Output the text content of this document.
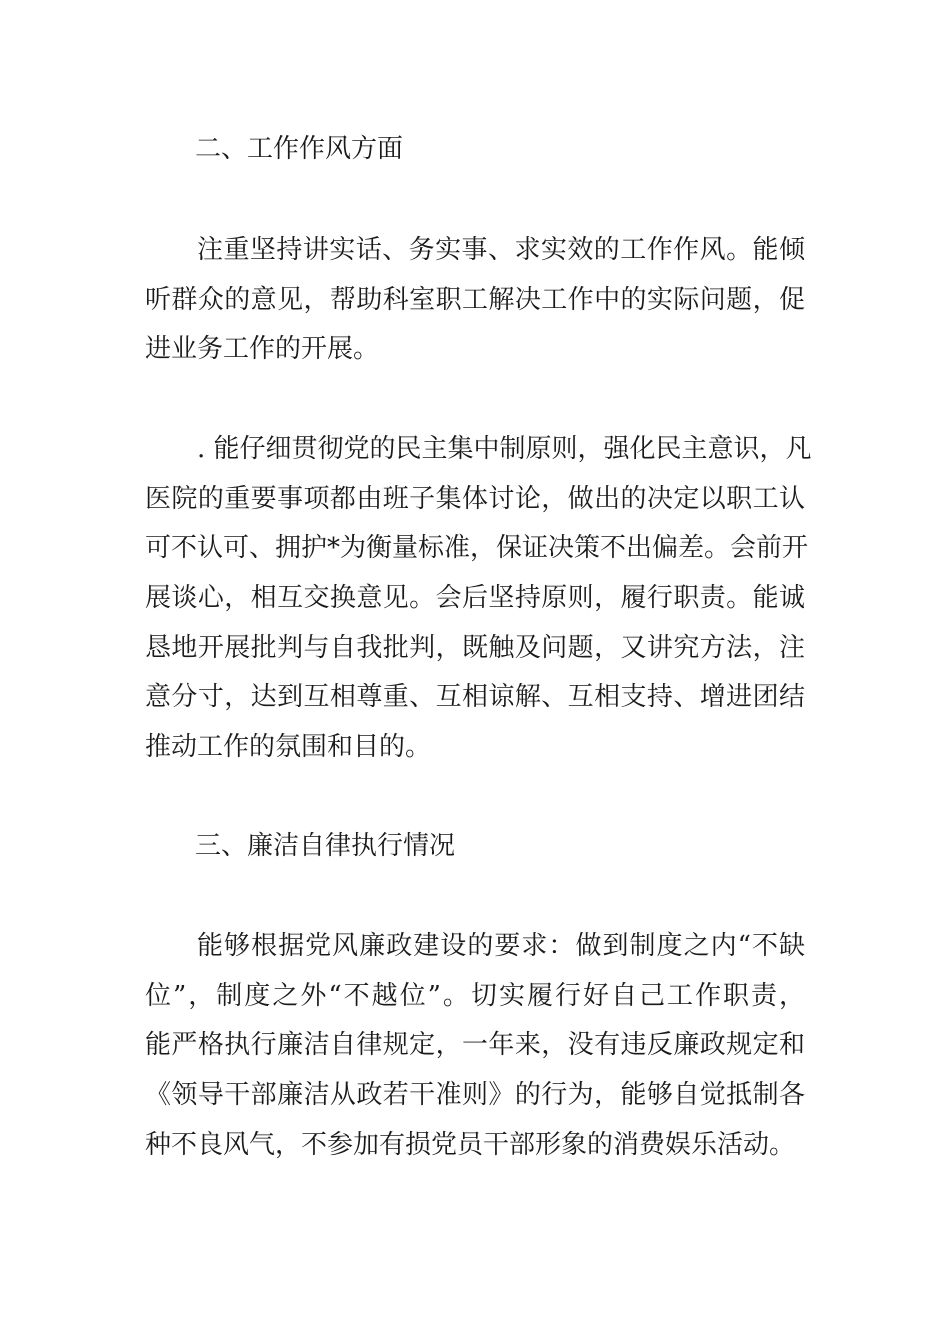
二、工作作风方面
注重坚持讲实话、务实事、求实效的工作作风。能倾
听群众的意见，帮助科室职工解决工作中的实际问题，促
进业务工作的开展。
. 能仔细贯彻党的民主集中制原则，强化民主意识，凡
医院的重要事项都由班子集体讨论，做出的决定以职工认
可不认可、拥护*为衡量标准，保证决策不出偏差。会前开
展谈心，相互交换意见。会后坚持原则，履行职责。能诚
恳地开展批判与自我批判，既触及问题，又讲究方法，注
意分寸，达到互相尊重、互相谅解、互相支持、增进团结
推动工作的氛围和目的。
三、廉洁自律执行情况
能够根据党风廉政建设的要求：做到制度之内“不缺
位”，制度之外“不越位”。切实履行好自己工作职责，
能严格执行廉洁自律规定，一年来，没有违反廉政规定和
《领导干部廉洁从政若干准则》的行为，能够自觉抵制各
种不良风气，不参加有损党员干部形象的消费娱乐活动。
